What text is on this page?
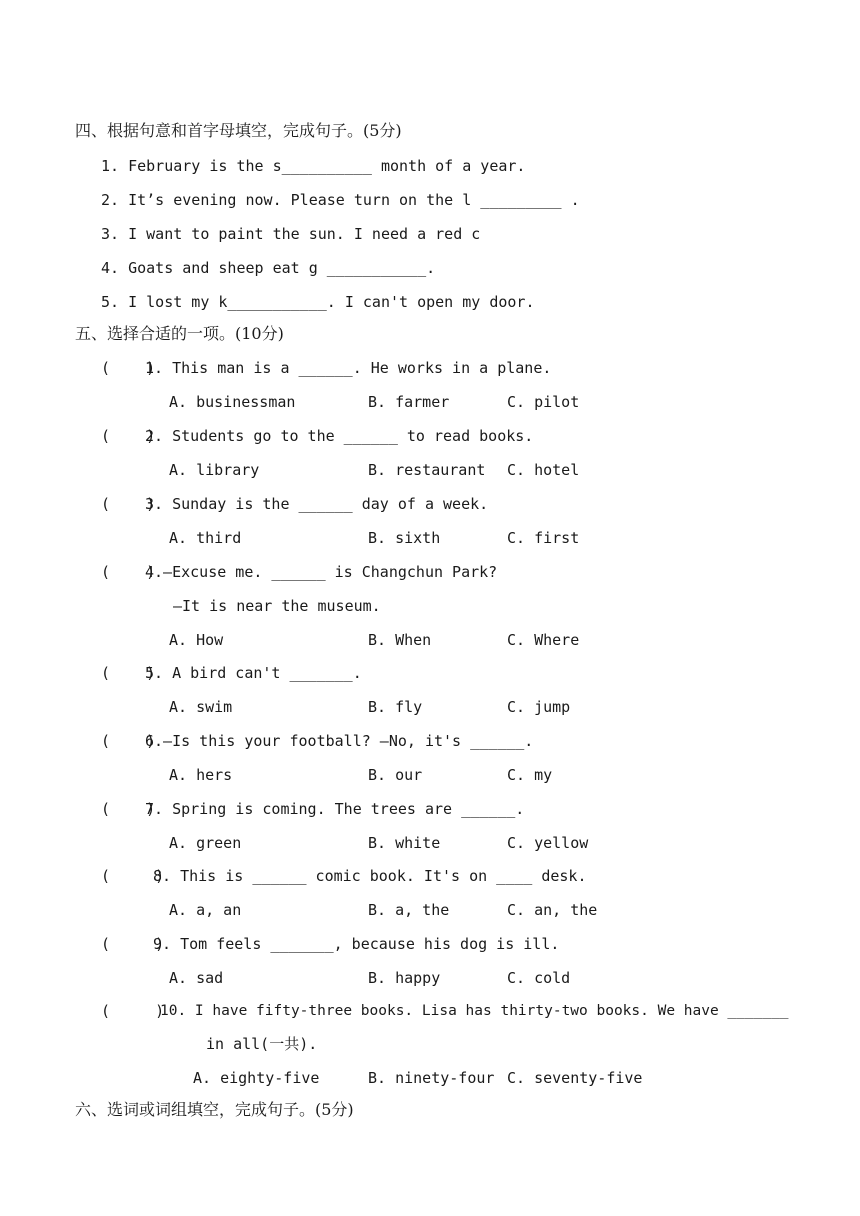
四、根据句意和首字母填空，完成句子。(5分)
1. February is the s__________ month of a year.
2. It’s evening now. Please turn on the l _________ .
3. I want to paint the sun. I need a red c
4. Goats and sheep eat g ___________.
5. I lost my k___________. I can't open my door.
五、选择合适的一项。(10分)
(    )
1. This man is a ______. He works in a plane.
A. businessman	B. farmer	C. pilot
(    )
2. Students go to the ______ to read books.
A. library	B. restaurant C. hotel
(    )
3. Sunday is the ______ day of a week.
A. third	B. sixth	C. first
(    )
4.—Excuse me. ______ is Changchun Park?
—It is near the museum.
A. How	B. When	C. Where
(    )
5. A bird can't _______.
A. swim	B. fly	C. jump
(    )
6.—Is this your football? —No, it's ______.
A. hers	B. our	C. my
(    )
7. Spring is coming. The trees are ______.
A. green	B. white	C. yellow
(     )
8. This is ______ comic book. It's on ____ desk.
A. a, an	B. a, the	C. an, the
(     )
9. Tom feels _______, because his dog is ill.
A. sad	B. happy	C. cold
(     )
10. I have fifty-three books. Lisa has thirty-two books. We have _______
in all(一共).
A. eighty-five	B. ninety-four C. seventy-five
六、选词或词组填空，完成句子。(5分)
